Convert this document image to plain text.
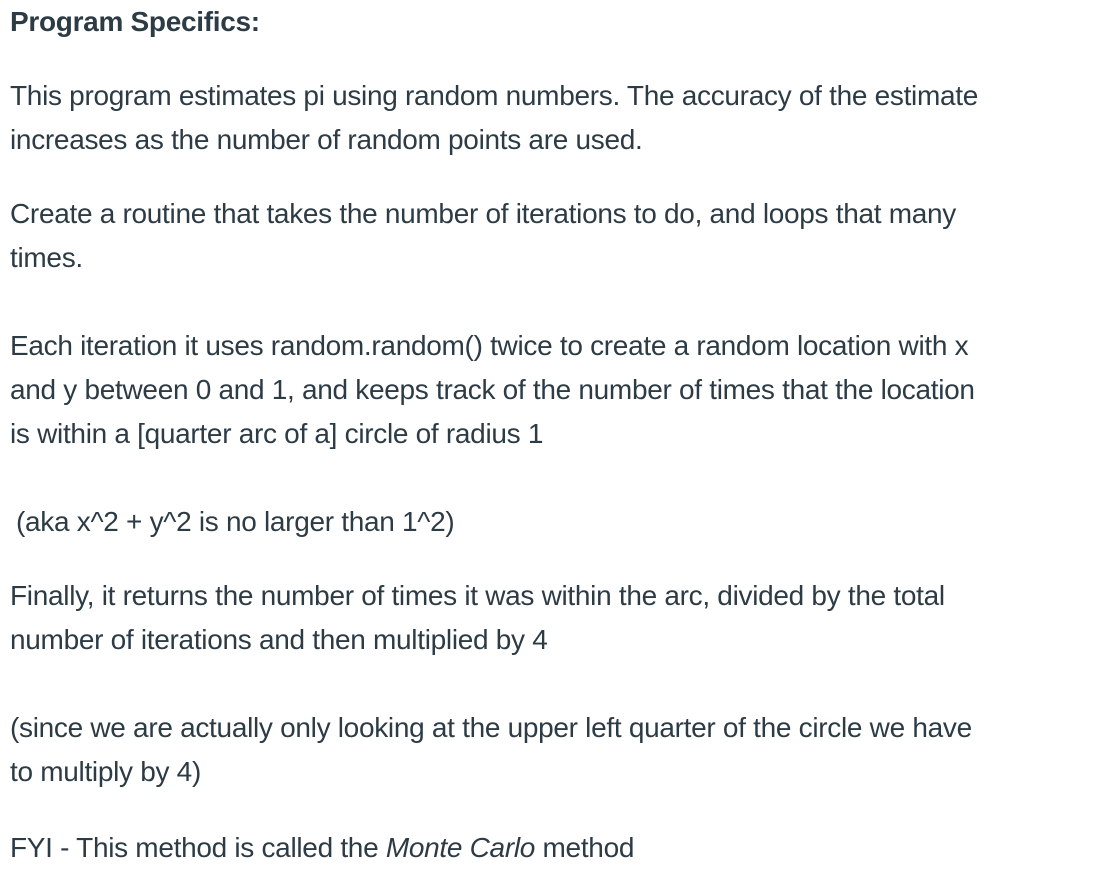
Program Specifics:

This program estimates pi using random numbers. The accuracy of the estimate
increases as the number of random points are used.

Create a routine that takes the number of iterations to do, and loops that many
times.

Each iteration it uses random.random() twice to create a random location with x
and y between 0 and 1, and keeps track of the number of times that the location
is within a [quarter arc of a] circle of radius 1

(aka x^2 + y^2 is no larger than 1^2)

Finally, it returns the number of times it was within the arc, divided by the total
number of iterations and then multiplied by 4

(since we are actually only looking at the upper left quarter of the circle we have
to multiply by 4)

FYI - This method is called the Monte Carlo method
